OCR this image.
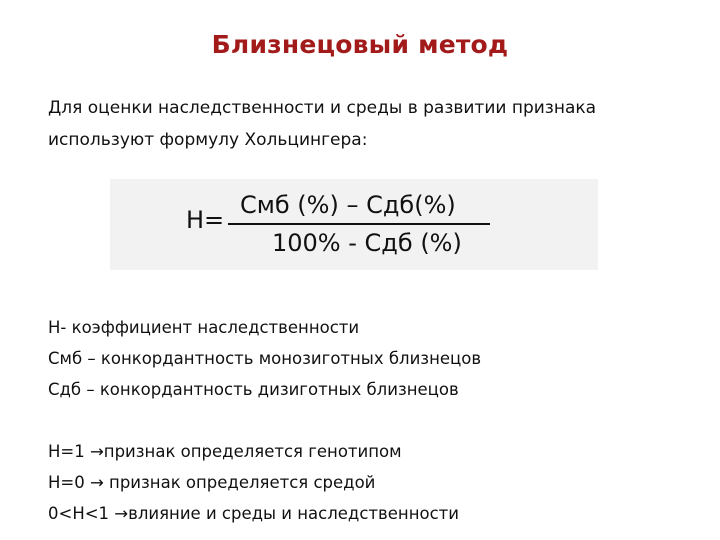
Близнецовый метод
Для оценки наследственности и среды в развитии признака
используют формулу Хольцингера:
Н=
Смб (%) – Сдб(%)
100% - Сдб (%)
Н- коэффициент наследственности
Смб – конкордантность монозиготных близнецов
Сдб – конкордантность дизиготных близнецов
Н=1 →признак определяется генотипом
Н=0 → признак определяется средой
0<Н<1 →влияние и среды и наследственности
